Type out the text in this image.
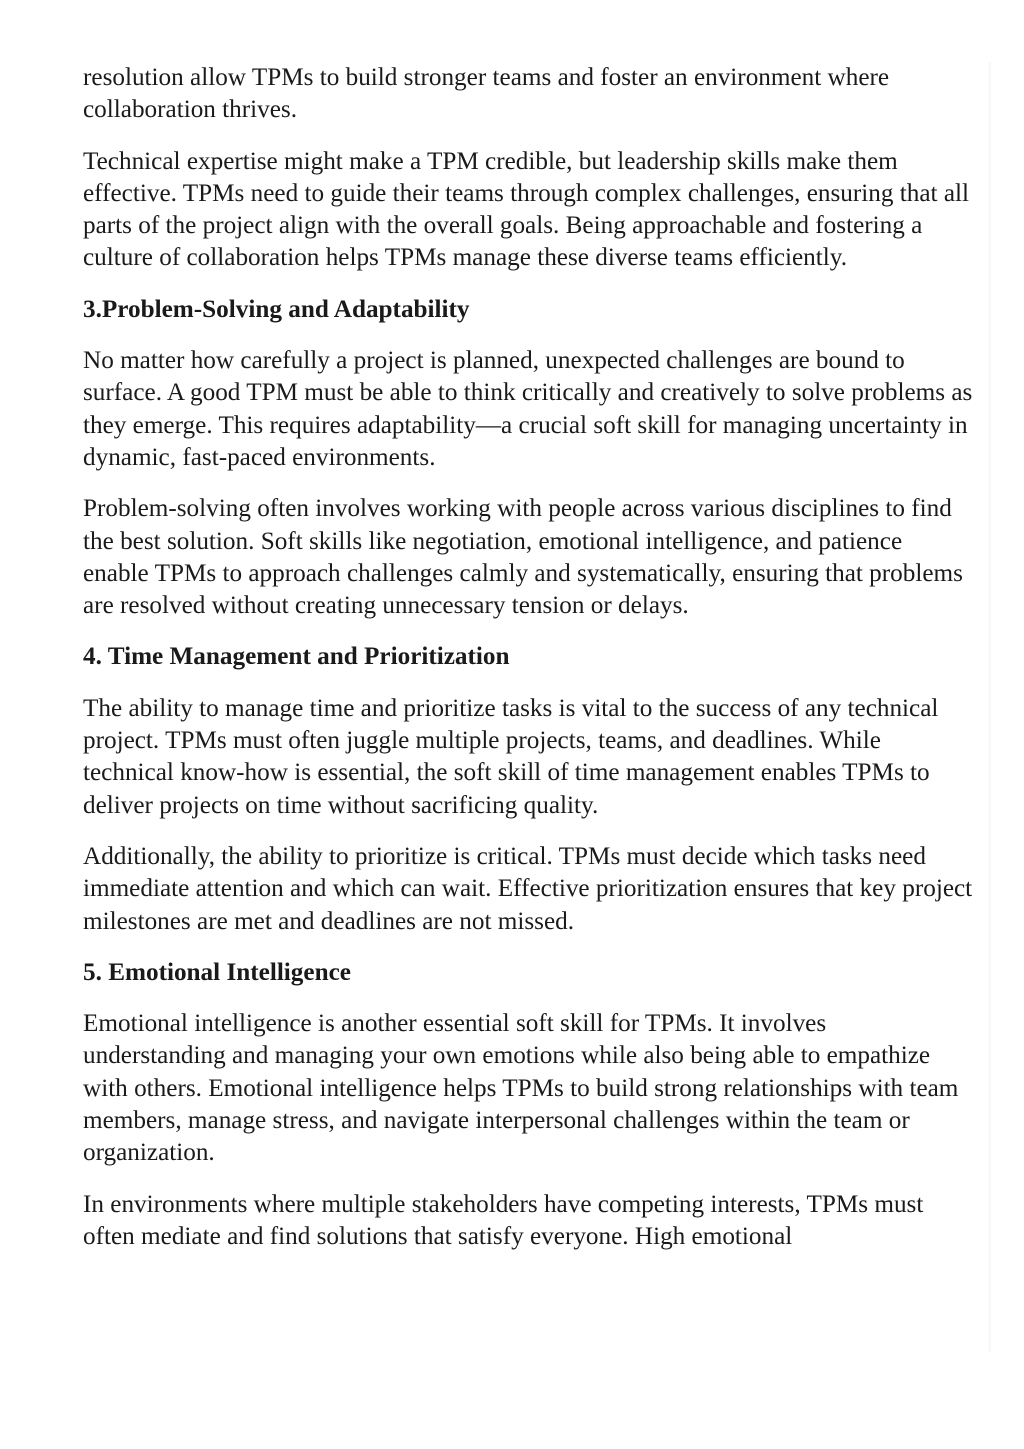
resolution allow TPMs to build stronger teams and foster an environment where collaboration thrives.

Technical expertise might make a TPM credible, but leadership skills make them effective. TPMs need to guide their teams through complex challenges, ensuring that all parts of the project align with the overall goals. Being approachable and fostering a culture of collaboration helps TPMs manage these diverse teams efficiently.

3.Problem-Solving and Adaptability

No matter how carefully a project is planned, unexpected challenges are bound to surface. A good TPM must be able to think critically and creatively to solve problems as they emerge. This requires adaptability—a crucial soft skill for managing uncertainty in dynamic, fast-paced environments.

Problem-solving often involves working with people across various disciplines to find the best solution. Soft skills like negotiation, emotional intelligence, and patience enable TPMs to approach challenges calmly and systematically, ensuring that problems are resolved without creating unnecessary tension or delays.

4. Time Management and Prioritization

The ability to manage time and prioritize tasks is vital to the success of any technical project. TPMs must often juggle multiple projects, teams, and deadlines. While technical know-how is essential, the soft skill of time management enables TPMs to deliver projects on time without sacrificing quality.

Additionally, the ability to prioritize is critical. TPMs must decide which tasks need immediate attention and which can wait. Effective prioritization ensures that key project milestones are met and deadlines are not missed.

5. Emotional Intelligence

Emotional intelligence is another essential soft skill for TPMs. It involves understanding and managing your own emotions while also being able to empathize with others. Emotional intelligence helps TPMs to build strong relationships with team members, manage stress, and navigate interpersonal challenges within the team or organization.

In environments where multiple stakeholders have competing interests, TPMs must often mediate and find solutions that satisfy everyone. High emotional
